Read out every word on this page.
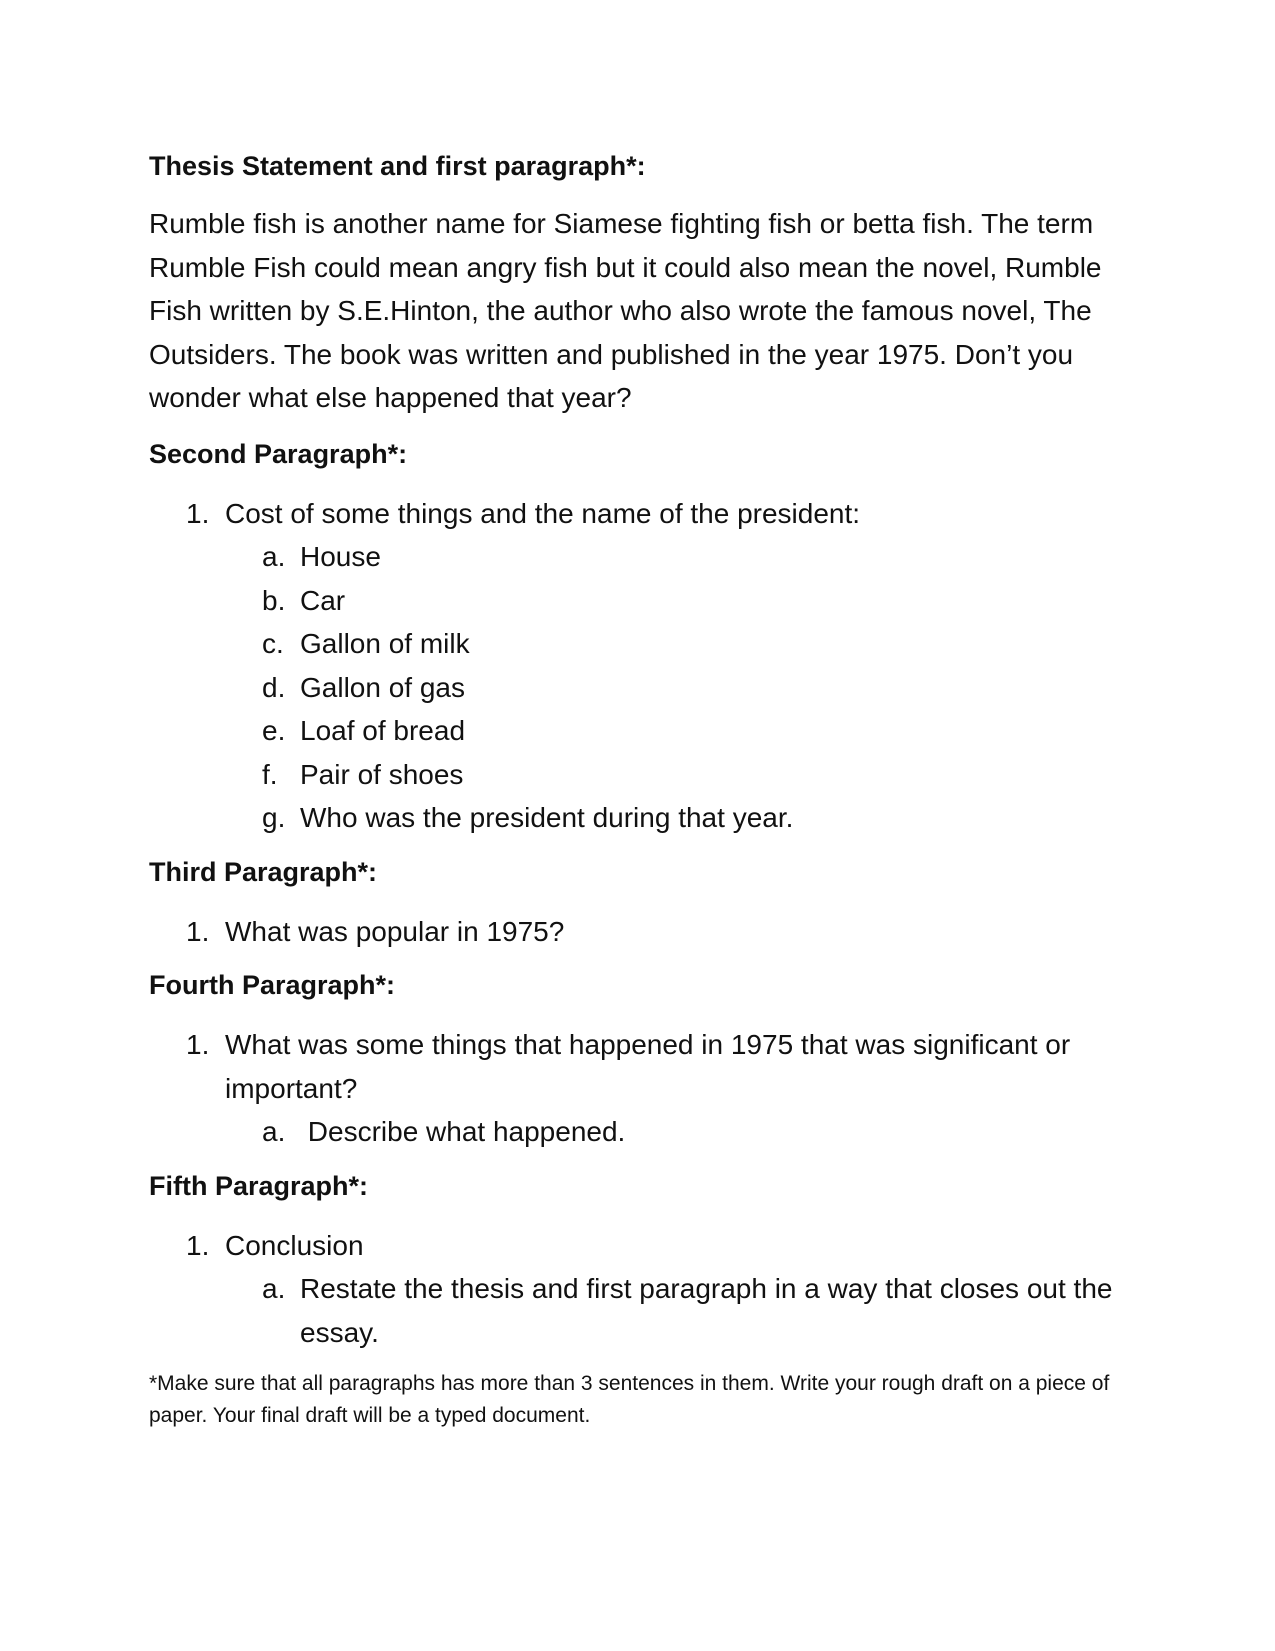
Thesis Statement and first paragraph*:

Rumble fish is another name for Siamese fighting fish or betta fish. The term Rumble Fish could mean angry fish but it could also mean the novel, Rumble Fish written by S.E.Hinton, the author who also wrote the famous novel, The Outsiders. The book was written and published in the year 1975. Don’t you wonder what else happened that year?

Second Paragraph*:

1. Cost of some things and the name of the president:
a. House
b. Car
c. Gallon of milk
d. Gallon of gas
e. Loaf of bread
f. Pair of shoes
g. Who was the president during that year.

Third Paragraph*:

1. What was popular in 1975?

Fourth Paragraph*:

1. What was some things that happened in 1975 that was significant or important?
a. Describe what happened.

Fifth Paragraph*:

1. Conclusion
a. Restate the thesis and first paragraph in a way that closes out the essay.

*Make sure that all paragraphs has more than 3 sentences in them. Write your rough draft on a piece of paper. Your final draft will be a typed document.
